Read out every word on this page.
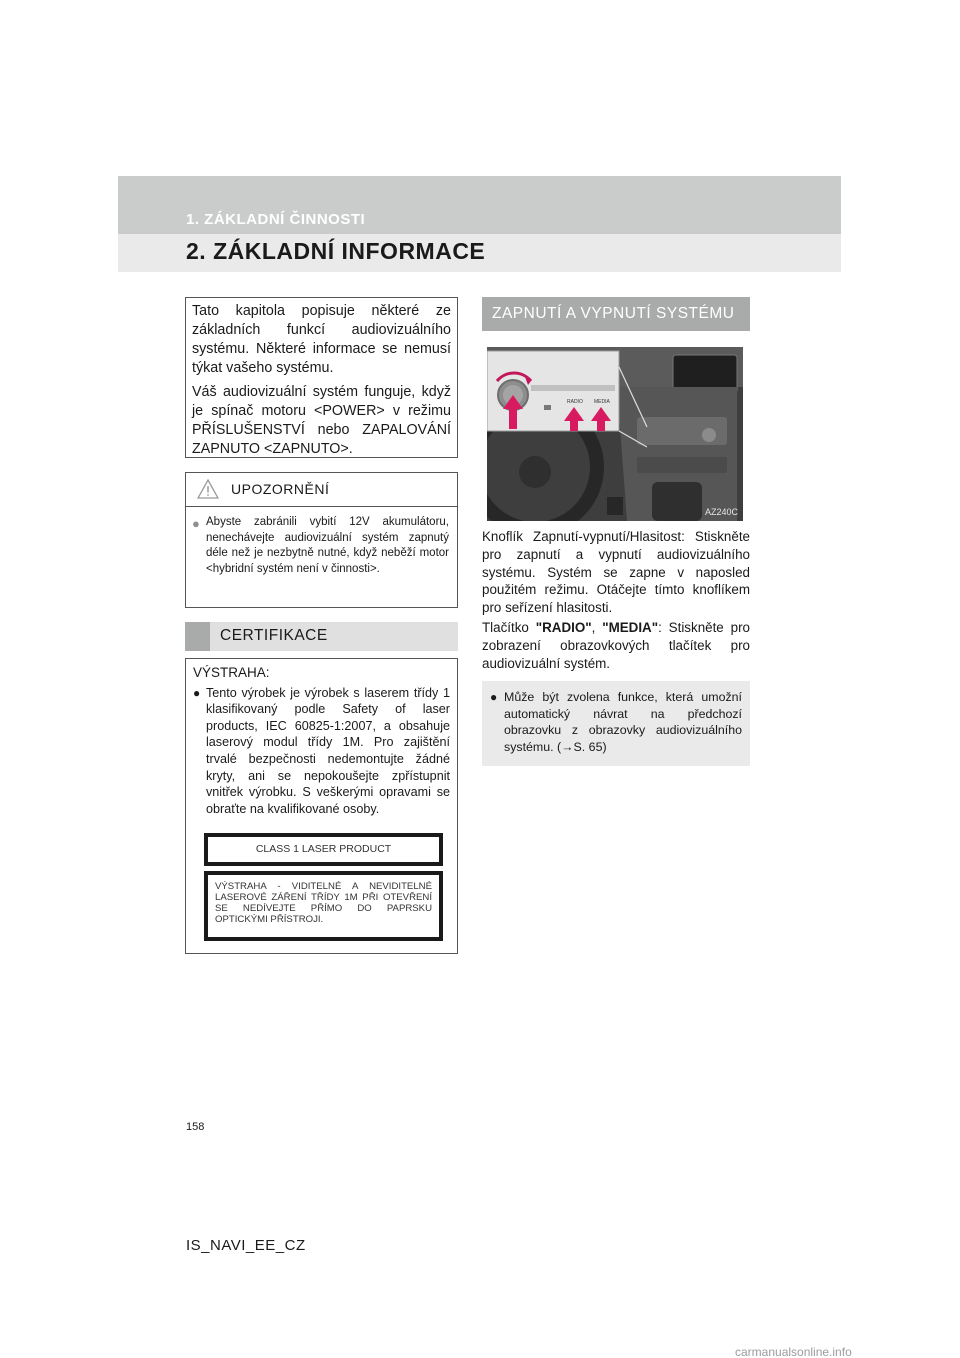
1. ZÁKLADNÍ ČINNOSTI
2. ZÁKLADNÍ INFORMACE

Tato kapitola popisuje některé ze základních funkcí audiovizuálního systému. Některé informace se nemusí týkat vašeho systému.

Váš audiovizuální systém funguje, když je spínač motoru <POWER> v režimu PŘÍSLUŠENSTVÍ nebo ZAPALOVÁNÍ ZAPNUTO <ZAPNUTO>.

UPOZORNĚNÍ
● Abyste zabránili vybití 12V akumulátoru, nenechávejte audiovizuální systém zapnutý déle než je nezbytně nutné, když neběží motor <hybridní systém není v činnosti>.
CERTIFIKACE
VÝSTRAHA:
● Tento výrobek je výrobek s laserem třídy 1 klasifikovaný podle Safety of laser products, IEC 60825-1:2007, a obsahuje laserový modul třídy 1M. Pro zajištění trvalé bezpečnosti nedemontujte žádné kryty, ani se nepokoušejte zpřístupnit vnitřek výrobku. S veškerými opravami se obraťte na kvalifikované osoby.
CLASS 1 LASER PRODUCT
VÝSTRAHA - VIDITELNÉ A NEVIDITELNÉ LASEROVÉ ZÁŘENÍ TŘÍDY 1M PŘI OTEVŘENÍ SE NEDÍVEJTE PŘÍMO DO PAPRSKU OPTICKÝMI PŘÍSTROJI.
ZAPNUTÍ A VYPNUTÍ SYSTÉMU
RADIO MEDIA
AZ240C

Knoflík Zapnutí-vypnutí/Hlasitost: Stiskněte pro zapnutí a vypnutí audiovizuálního systému. Systém se zapne v naposled použitém režimu. Otáčejte tímto knoflíkem pro seřízení hlasitosti.

Tlačítko "RADIO", "MEDIA": Stiskněte pro zobrazení obrazovkových tlačítek pro audiovizuální systém.

● Může být zvolena funkce, která umožní automatický návrat na předchozí obrazovku z obrazovky audiovizuálního systému. (→S. 65)
158
IS_NAVI_EE_CZ
carmanualsonline.info
